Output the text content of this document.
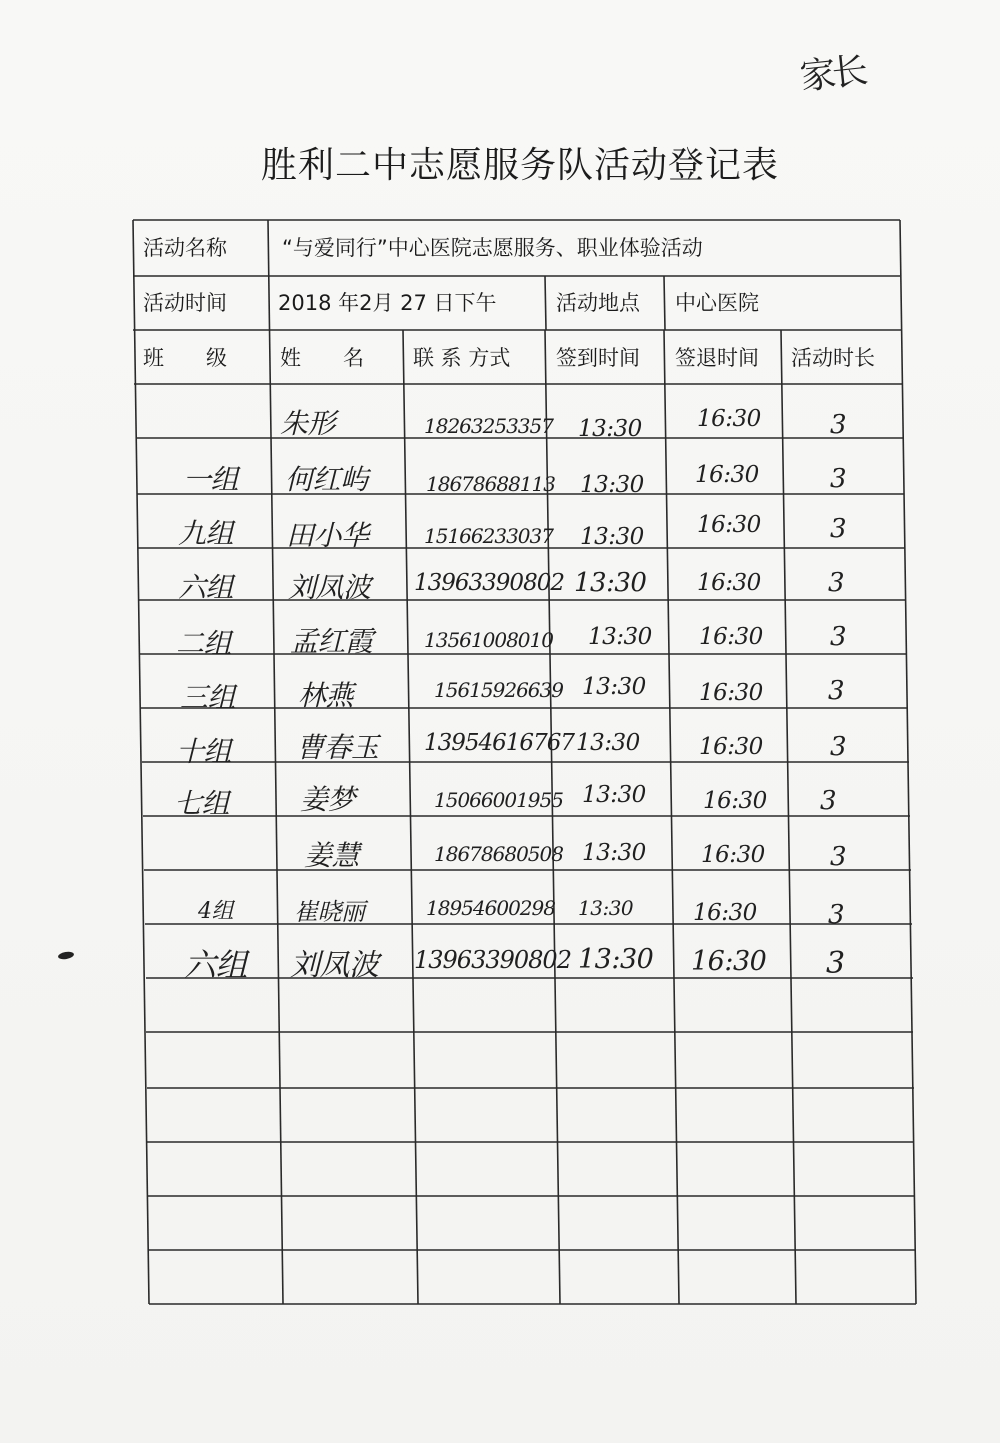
家长
胜利二中志愿服务队活动登记表
活动名称	“与爱同行”中心医院志愿服务、职业体验活动
活动时间 2018 年2月 27 日下午	活动地点 中心医院
班　　级	姓　　名 联 系 方式 签到时间 签退时间 活动时长
朱形	18263253357 13:30 16:30	3
一组 何红屿	18678688113 13:30 16:30	3
九组 田小华	15166233037 13:30 16:30	3
六组 刘凤波 13963390802 13:30 16:30	3
二组 孟红霞	13561008010 13:30 16:30	3
三组 林燕	15615926639 13:30 16:30	3
十组 曹春玉 13954616767 13:30	16:30	3
七组	姜梦	15066001955 13:30 16:30 3
姜慧	18678680508 13:30 16:30	3
4组	崔晓丽	18954600298 13:30	16:30	3
六组 刘凤波 13963390802 13:30 16:30 3
